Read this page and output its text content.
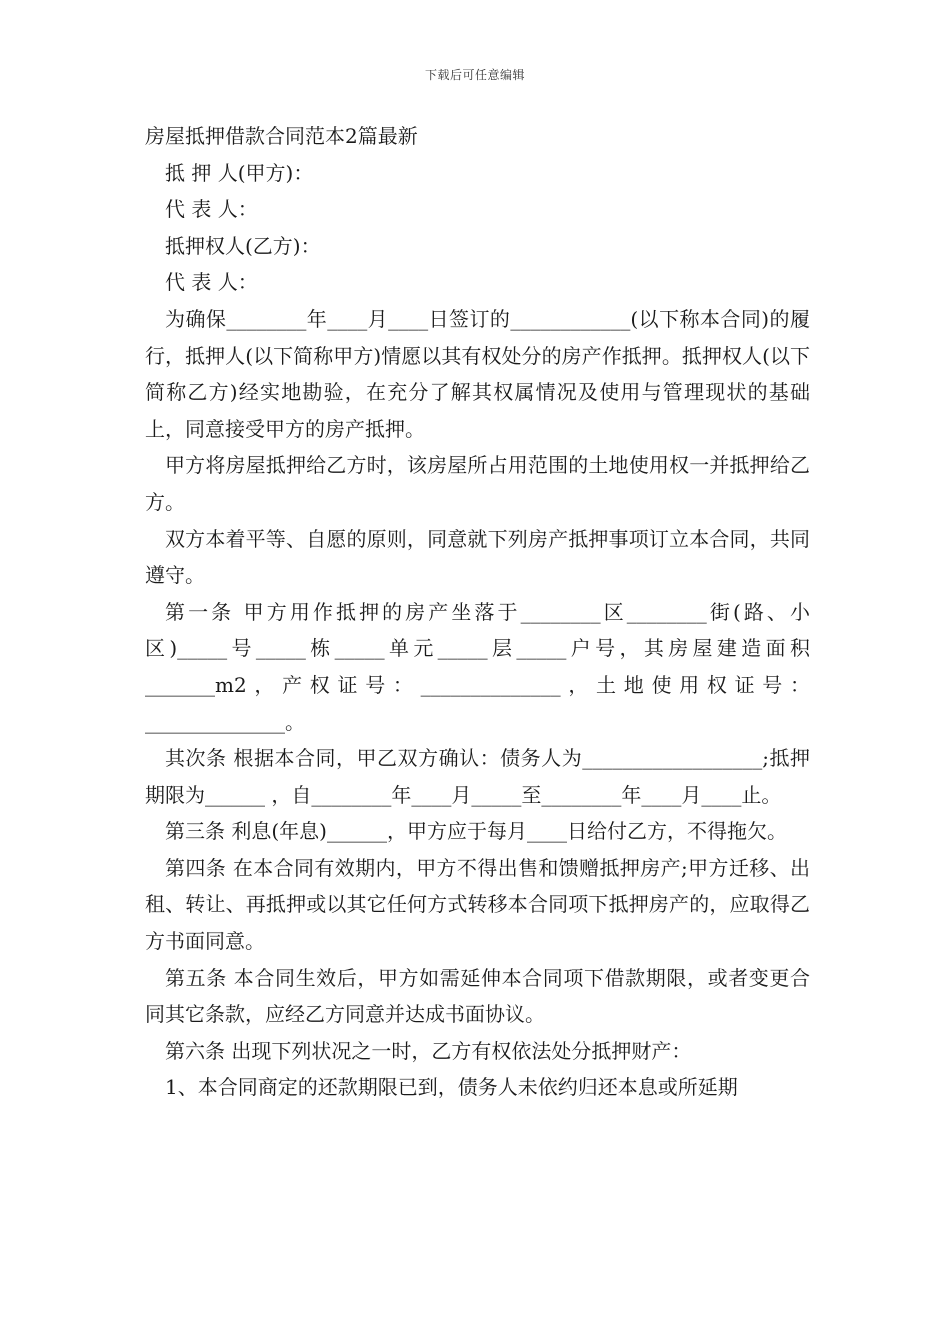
下载后可任意编辑

房屋抵押借款合同范本2篇最新

抵 押 人(甲方)：

代 表 人：

抵押权人(乙方)：

代 表 人：

为确保________年____月____日签订的____________(以下称本合同)的履行，抵押人(以下简称甲方)情愿以其有权处分的房产作抵押。抵押权人(以下简称乙方)经实地勘验，在充分了解其权属情况及使用与管理现状的基础上，同意接受甲方的房产抵押。

甲方将房屋抵押给乙方时，该房屋所占用范围的土地使用权一并抵押给乙方。

双方本着平等、自愿的原则，同意就下列房产抵押事项订立本合同，共同遵守。

第一条 甲方用作抵押的房产坐落于________区________街(路、小区)_____号_____栋_____单元_____层_____户号，其房屋建造面积_______m2，产权证号：______________，土地使用权证号：______________。

其次条 根据本合同，甲乙双方确认：债务人为__________________;抵押期限为______ ，自________年____月_____至________年____月____止。

第三条 利息(年息)______，甲方应于每月____日给付乙方，不得拖欠。

第四条 在本合同有效期内，甲方不得出售和馈赠抵押房产;甲方迁移、出租、转让、再抵押或以其它任何方式转移本合同项下抵押房产的，应取得乙方书面同意。

第五条 本合同生效后，甲方如需延伸本合同项下借款期限，或者变更合同其它条款，应经乙方同意并达成书面协议。

第六条 出现下列状况之一时，乙方有权依法处分抵押财产：

1、本合同商定的还款期限已到，债务人未依约归还本息或所延期
